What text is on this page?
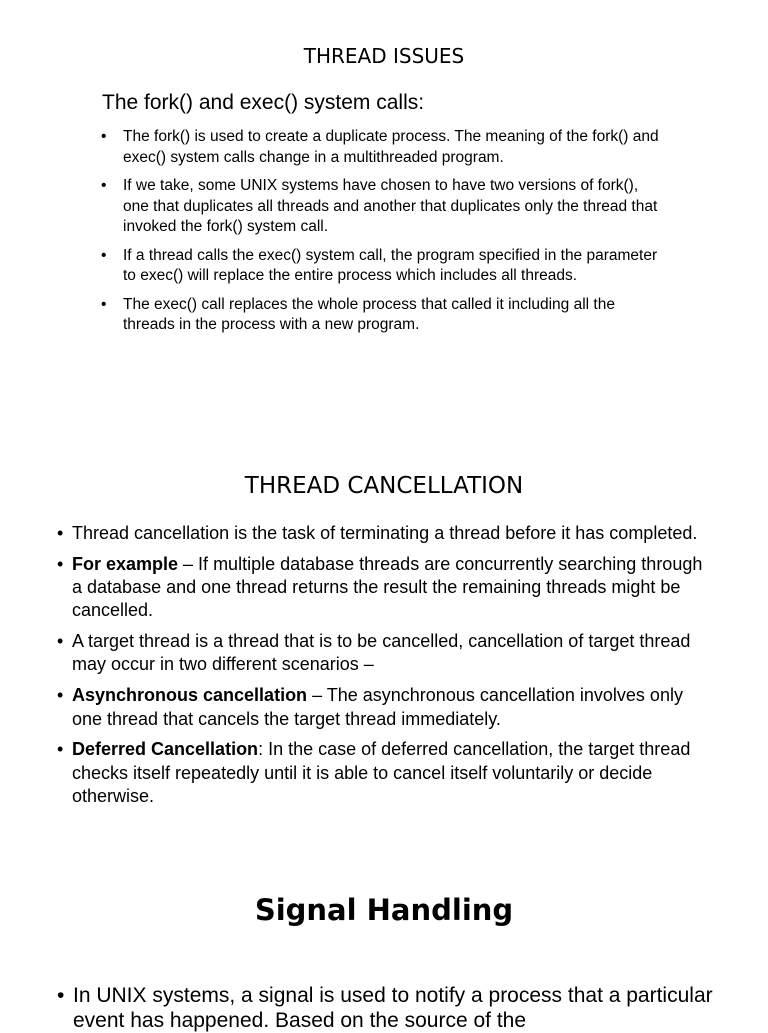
THREAD ISSUES
The fork() and exec() system calls:
• The fork() is used to create a duplicate process. The meaning of the fork() and exec() system calls change in a multithreaded program.
• If we take, some UNIX systems have chosen to have two versions of fork(), one that duplicates all threads and another that duplicates only the thread that invoked the fork() system call.
• If a thread calls the exec() system call, the program specified in the parameter to exec() will replace the entire process which includes all threads.
• The exec() call replaces the whole process that called it including all the threads in the process with a new program.
THREAD CANCELLATION
• Thread cancellation is the task of terminating a thread before it has completed.
• For example – If multiple database threads are concurrently searching through a database and one thread returns the result the remaining threads might be cancelled.
• A target thread is a thread that is to be cancelled, cancellation of target thread may occur in two different scenarios –
• Asynchronous cancellation – The asynchronous cancellation involves only one thread that cancels the target thread immediately.
• Deferred Cancellation: In the case of deferred cancellation, the target thread checks itself repeatedly until it is able to cancel itself voluntarily or decide otherwise.
Signal Handling
• In UNIX systems, a signal is used to notify a process that a particular event has happened. Based on the source of the
